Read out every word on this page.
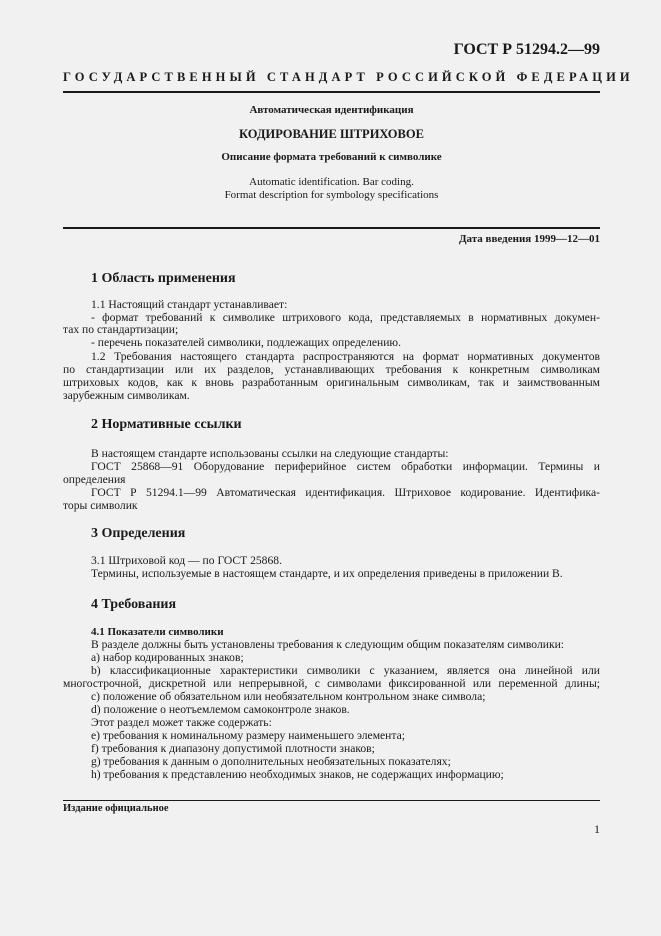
ГОСТ Р 51294.2—99
ГОСУДАРСТВЕННЫЙ СТАНДАРТ РОССИЙСКОЙ ФЕДЕРАЦИИ
Автоматическая идентификация
КОДИРОВАНИЕ ШТРИХОВОЕ
Описание формата требований к символике
Automatic identification. Bar coding.
Format description for symbology specifications
Дата введения 1999—12—01
1 Область применения
1.1 Настоящий стандарт устанавливает:
- формат требований к символике штрихового кода, представляемых в нормативных докумен-
тах по стандартизации;
- перечень показателей символики, подлежащих определению.
1.2 Требования настоящего стандарта распространяются на формат нормативных документов
по стандартизации или их разделов, устанавливающих требования к конкретным символикам
штриховых кодов, как к вновь разработанным оригинальным символикам, так и заимствованным
зарубежным символикам.
2 Нормативные ссылки
В настоящем стандарте использованы ссылки на следующие стандарты:
ГОСТ 25868—91 Оборудование периферийное систем обработки информации. Термины и
определения
ГОСТ Р 51294.1—99 Автоматическая идентификация. Штриховое кодирование. Идентифика-
торы символик
3 Определения
3.1 Штриховой код — по ГОСТ 25868.
Термины, используемые в настоящем стандарте, и их определения приведены в приложении В.
4 Требования
4.1 Показатели символики
В разделе должны быть установлены требования к следующим общим показателям символики:
а) набор кодированных знаков;
b) классификационные характеристики символики с указанием, является она линейной или
многострочной, дискретной или непрерывной, с символами фиксированной или переменной длины;
с) положение об обязательном или необязательном контрольном знаке символа;
d) положение о неотъемлемом самоконтроле знаков.
Этот раздел может также содержать:
е) требования к номинальному размеру наименьшего элемента;
f) требования к диапазону допустимой плотности знаков;
g) требования к данным о дополнительных необязательных показателях;
h) требования к представлению необходимых знаков, не содержащих информацию;
Издание официальное
1
